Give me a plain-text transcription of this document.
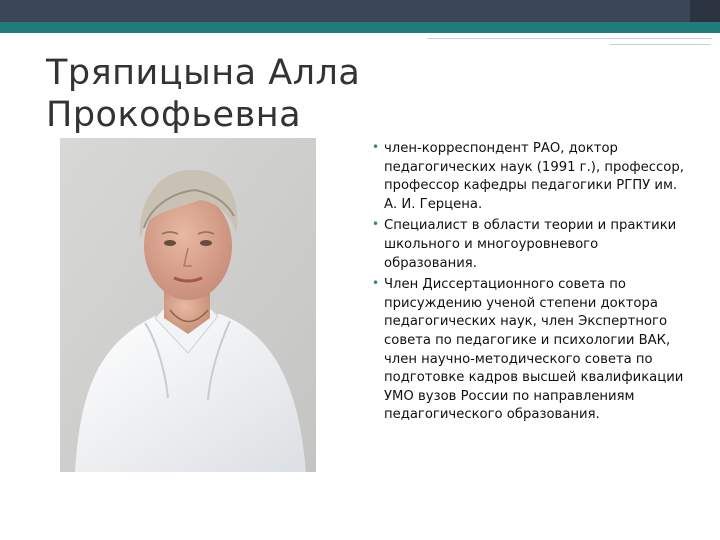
Тряпицына Алла
Прокофьевна
• член-корреспондент РАО, доктор педагогических наук (1991 г.), профессор, профессор кафедры педагогики РГПУ им. А. И. Герцена.
• Специалист в области теории и практики школьного и многоуровневого образования.
• Член Диссертационного совета по присуждению ученой степени доктора педагогических наук, член Экспертного совета по педагогике и психологии ВАК, член научно-методического совета по подготовке кадров высшей квалификации УМО вузов России по направлениям педагогического образования.
